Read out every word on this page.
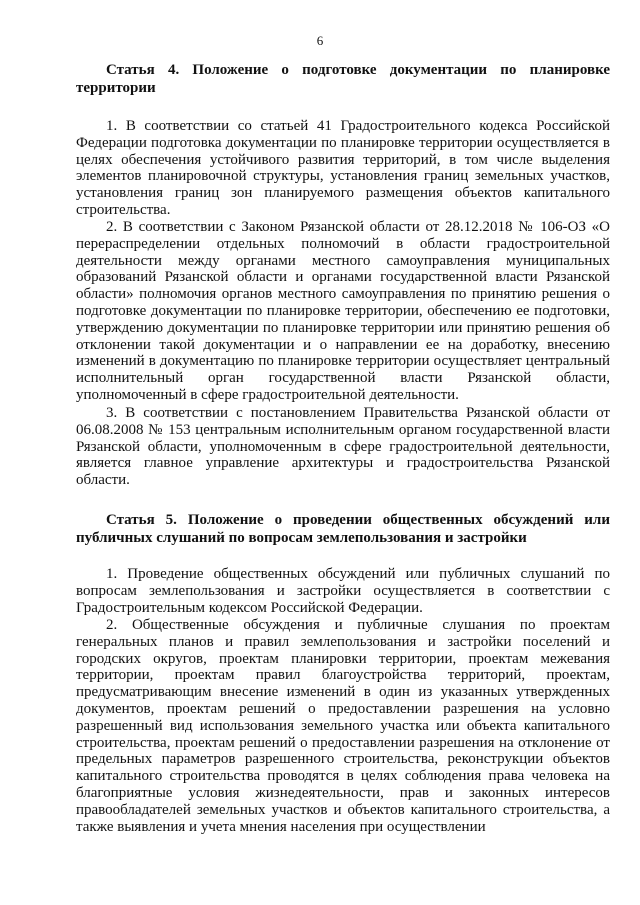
6
Статья 4. Положение о подготовке документации по планировке территории
1. В соответствии со статьей 41 Градостроительного кодекса Российской Федерации подготовка документации по планировке территории осуществляется в целях обеспечения устойчивого развития территорий, в том числе выделения элементов планировочной структуры, установления границ земельных участков, установления границ зон планируемого размещения объектов капитального строительства.
2. В соответствии с Законом Рязанской области от 28.12.2018 № 106-ОЗ «О перераспределении отдельных полномочий в области градостроительной деятельности между органами местного самоуправления муниципальных образований Рязанской области и органами государственной власти Рязанской области» полномочия органов местного самоуправления по принятию решения о подготовке документации по планировке территории, обеспечению ее подготовки, утверждению документации по планировке территории или принятию решения об отклонении такой документации и о направлении ее на доработку, внесению изменений в документацию по планировке территории осуществляет центральный исполнительный орган государственной власти Рязанской области, уполномоченный в сфере градостроительной деятельности.
3. В соответствии с постановлением Правительства Рязанской области от 06.08.2008 № 153 центральным исполнительным органом государственной власти Рязанской области, уполномоченным в сфере градостроительной деятельности, является главное управление архитектуры и градостроительства Рязанской области.
Статья 5. Положение о проведении общественных обсуждений или публичных слушаний по вопросам землепользования и застройки
1. Проведение общественных обсуждений или публичных слушаний по вопросам землепользования и застройки осуществляется в соответствии с Градостроительным кодексом Российской Федерации.
2. Общественные обсуждения и публичные слушания по проектам генеральных планов и правил землепользования и застройки поселений и городских округов, проектам планировки территории, проектам межевания территории, проектам правил благоустройства территорий, проектам, предусматривающим внесение изменений в один из указанных утвержденных документов, проектам решений о предоставлении разрешения на условно разрешенный вид использования земельного участка или объекта капитального строительства, проектам решений о предоставлении разрешения на отклонение от предельных параметров разрешенного строительства, реконструкции объектов капитального строительства проводятся в целях соблюдения права человека на благоприятные условия жизнедеятельности, прав и законных интересов правообладателей земельных участков и объектов капитального строительства, а также выявления и учета мнения населения при осуществлении
